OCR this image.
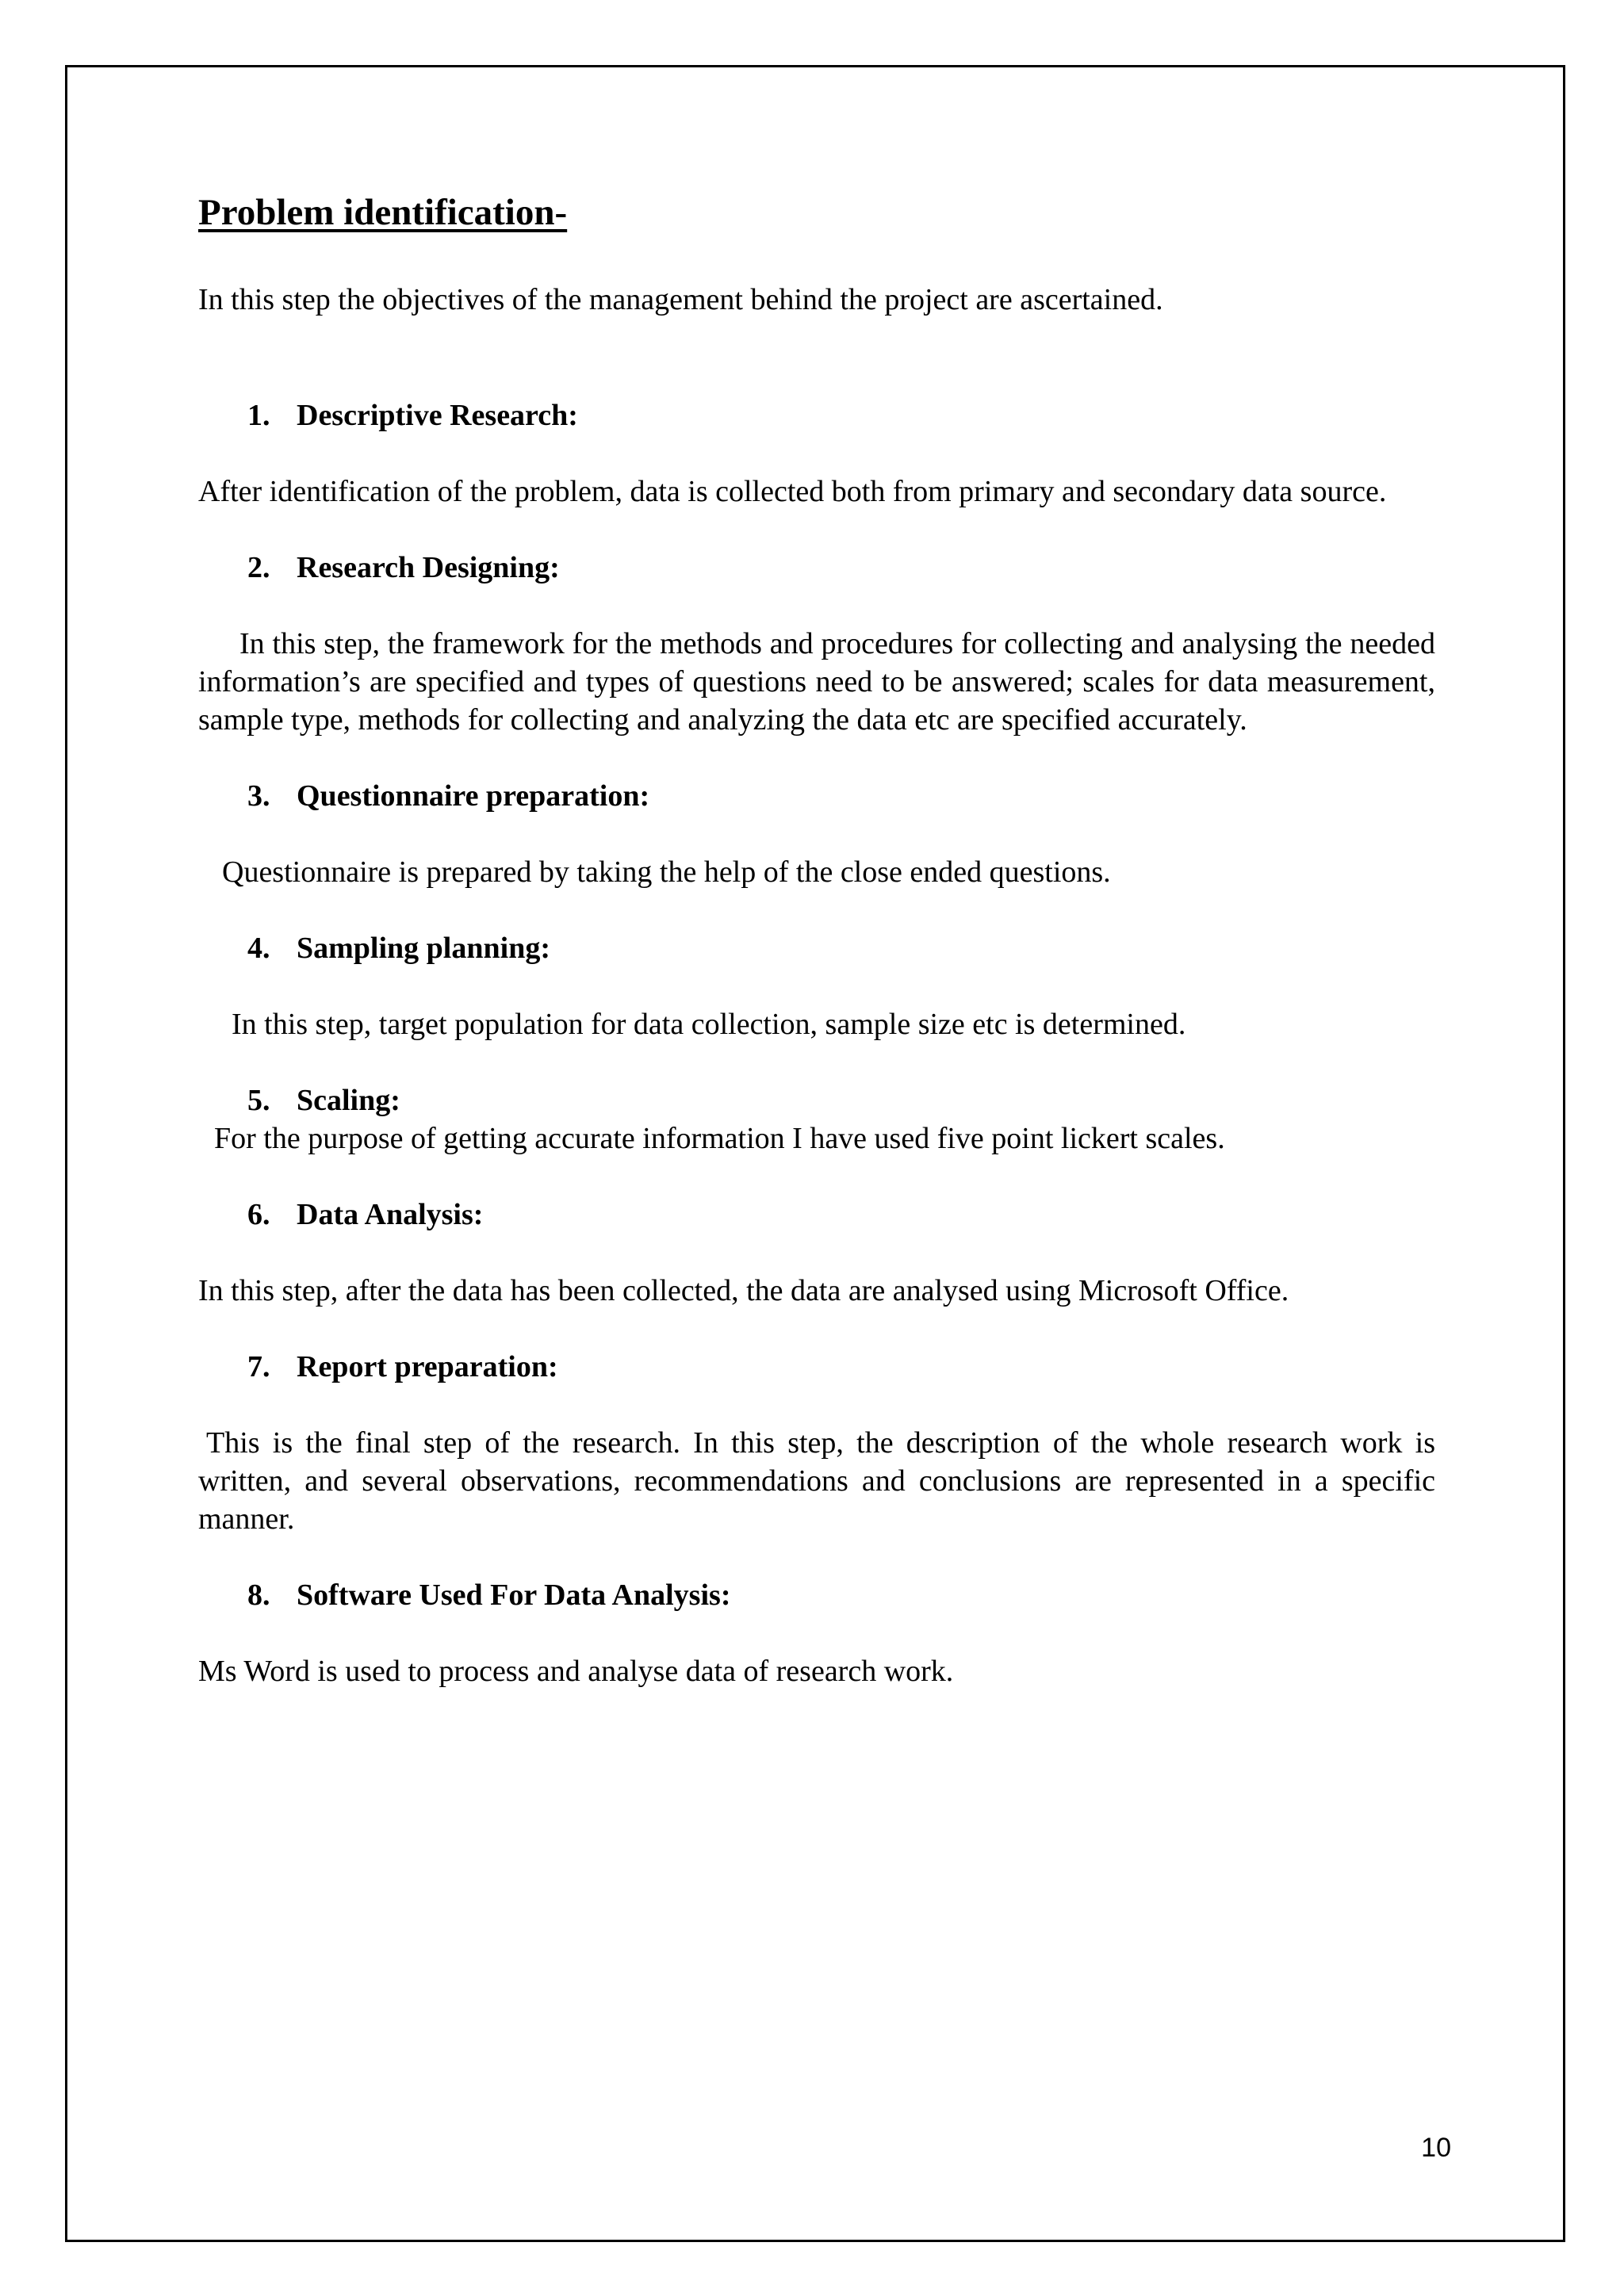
Problem identification-

In this step the objectives of the management behind the project are ascertained.

1. Descriptive Research:

After identification of the problem, data is collected both from primary and secondary data source.

2. Research Designing:

In this step, the framework for the methods and procedures for collecting and analysing the needed information’s are specified and types of questions need to be answered; scales for data measurement, sample type, methods for collecting and analyzing the data etc are specified accurately.

3. Questionnaire preparation:

Questionnaire is prepared by taking the help of the close ended questions.

4. Sampling planning:

In this step, target population for data collection, sample size etc is determined.

5. Scaling:

For the purpose of getting accurate information I have used five point lickert scales.

6. Data Analysis:

In this step, after the data has been collected, the data are analysed using Microsoft Office.

7. Report preparation:

This is the final step of the research. In this step, the description of the whole research work is written, and several observations, recommendations and conclusions are represented in a specific manner.

8. Software Used For Data Analysis:

Ms Word is used to process and analyse data of research work.

10
